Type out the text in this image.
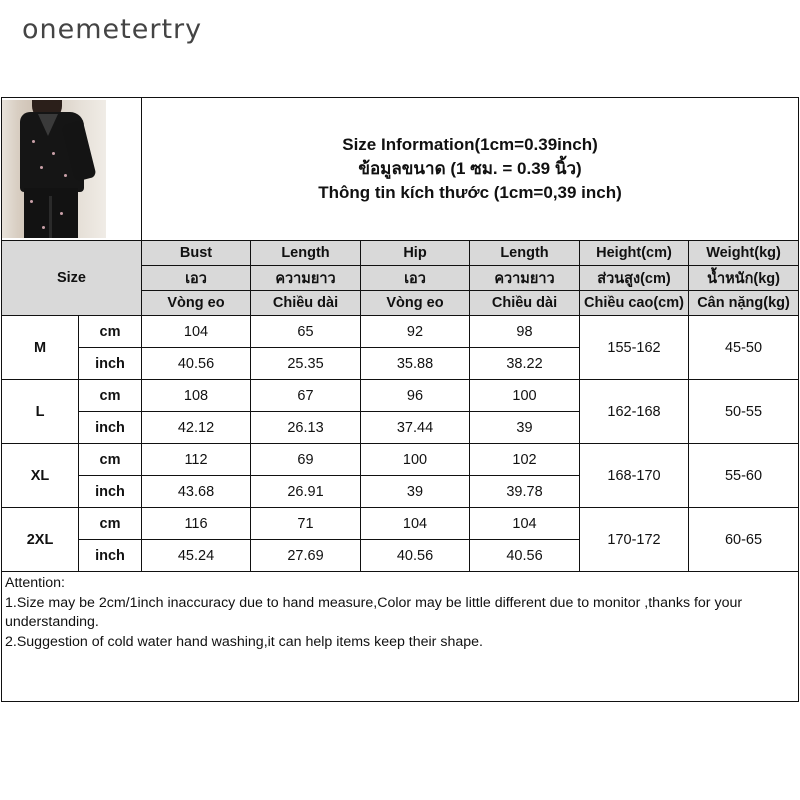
onemetertry

		Size Information(1cm=0.39inch)
ข้อมูลขนาด (1 ซม. = 0.39 นิ้ว)
Thông tin kích thước (1cm=0,39 inch)					

Size		Bust	Length	Hip	Length	Height(cm)	Weight(kg)
		เอว	ความยาว	เอว	ความยาว	ส่วนสูง(cm)	น้ำหนัก(kg)
		Vòng eo	Chiều dài	Vòng eo	Chiều dài	Chiều cao(cm)	Cân nặng(kg)
M	cm	104	65	92	98	155-162	45-50
	inch	40.56	25.35	35.88	38.22		
L	cm	108	67	96	100	162-168	50-55
	inch	42.12	26.13	37.44	39		
XL	cm	112	69	100	102	168-170	55-60
	inch	43.68	26.91	39	39.78		
2XL	cm	116	71	104	104	170-172	60-65
	inch	45.24	27.69	40.56	40.56		
Attention:
1.Size may be 2cm/1inch inaccuracy due to hand measure,Color may be little different due to monitor ,thanks for your understanding.
2.Suggestion of cold water hand washing,it can help items keep their shape.
